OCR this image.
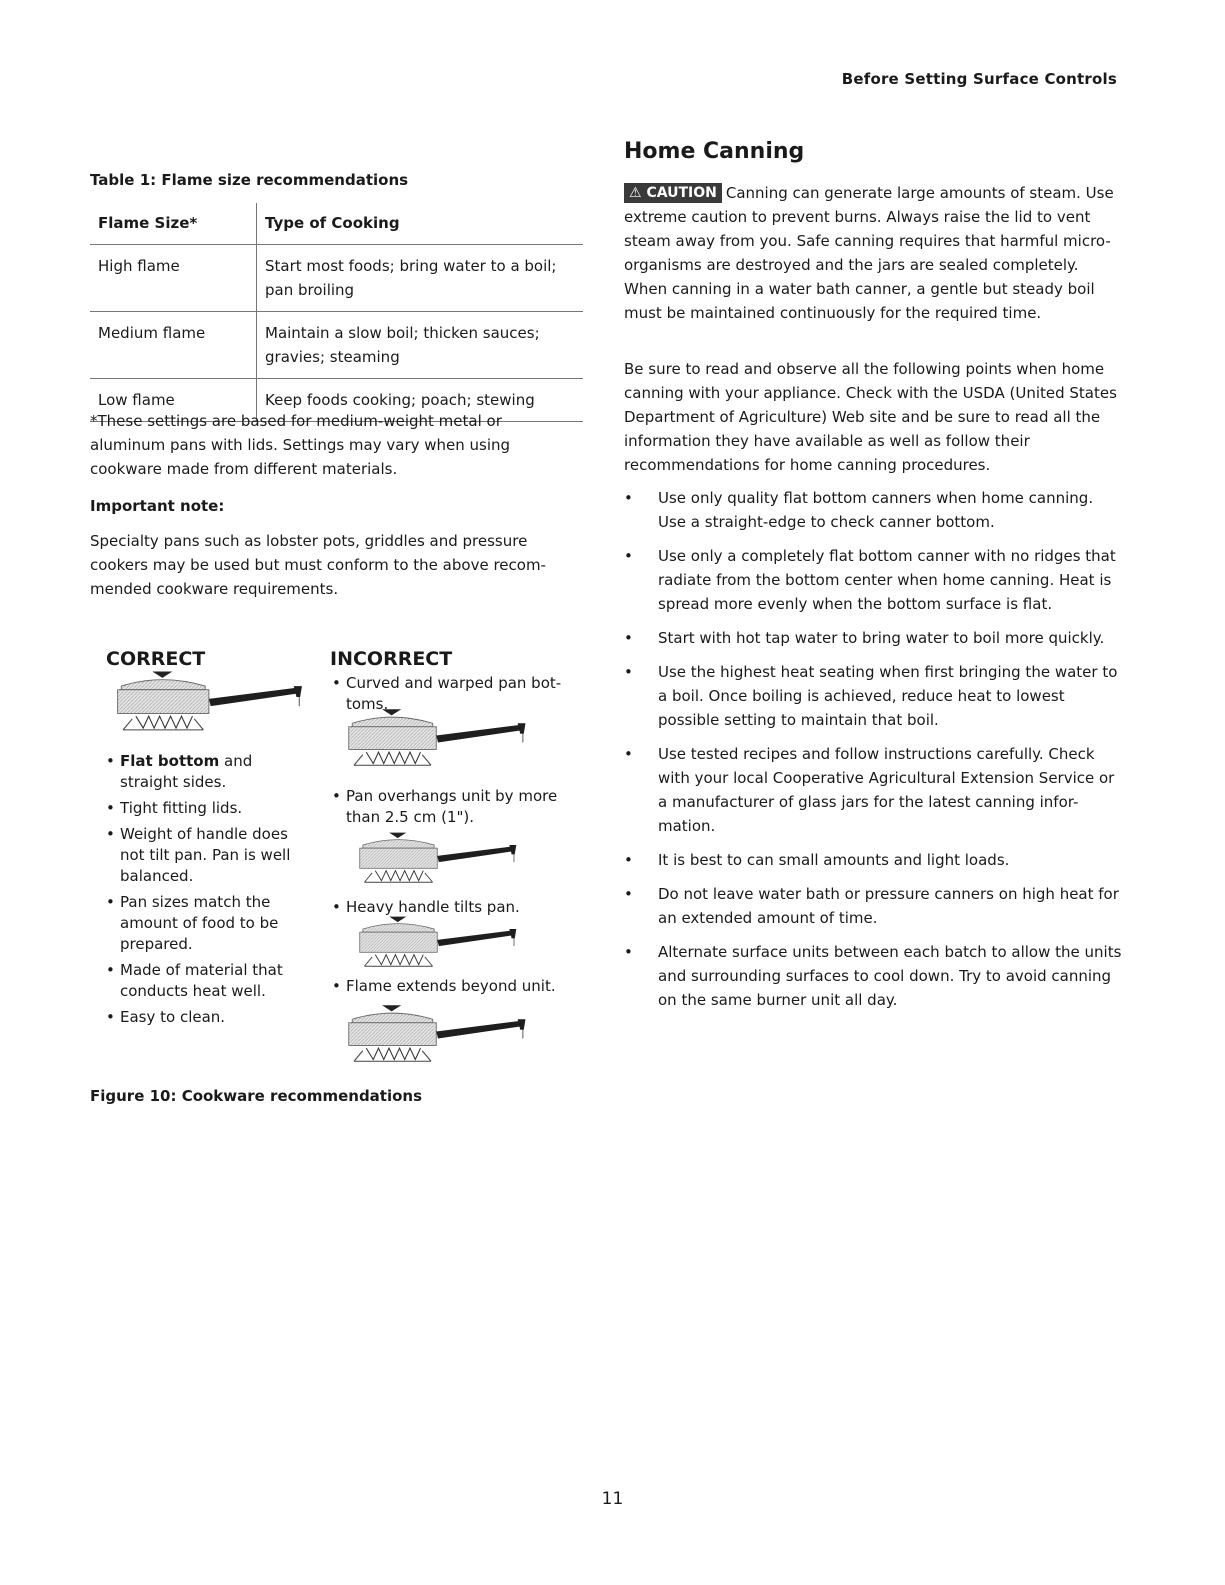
Before Setting Surface Controls
Table 1: Flame size recommendations
Flame Size*	Type of Cooking
High flame	Start most foods; bring water to a boil; pan broiling
Medium flame	Maintain a slow boil; thicken sauces; gravies; steaming
Low flame	Keep foods cooking; poach; stewing
*These settings are based for medium-weight metal or aluminum pans with lids. Settings may vary when using cookware made from different materials.
Important note:
Specialty pans such as lobster pots, griddles and pressure cookers may be used but must conform to the above recom-mended cookware requirements.
CORRECT
• Flat bottom and straight sides.
• Tight fitting lids.
• Weight of handle does not tilt pan. Pan is well balanced.
• Pan sizes match the amount of food to be prepared.
• Made of material that conducts heat well.
• Easy to clean.
INCORRECT
• Curved and warped pan bot-toms.
• Pan overhangs unit by more than 2.5 cm (1").
• Heavy handle tilts pan.
• Flame extends beyond unit.
Figure 10: Cookware recommendations
Home Canning
⚠ CAUTION Canning can generate large amounts of steam. Use extreme caution to prevent burns. Always raise the lid to vent steam away from you. Safe canning requires that harmful micro-organisms are destroyed and the jars are sealed completely. When canning in a water bath canner, a gentle but steady boil must be maintained continuously for the required time.
Be sure to read and observe all the following points when home canning with your appliance. Check with the USDA (United States Department of Agriculture) Web site and be sure to read all the information they have available as well as follow their recommendations for home canning procedures.
• Use only quality flat bottom canners when home canning. Use a straight-edge to check canner bottom.
• Use only a completely flat bottom canner with no ridges that radiate from the bottom center when home canning. Heat is spread more evenly when the bottom surface is flat.
• Start with hot tap water to bring water to boil more quickly.
• Use the highest heat seating when first bringing the water to a boil. Once boiling is achieved, reduce heat to lowest possible setting to maintain that boil.
• Use tested recipes and follow instructions carefully. Check with your local Cooperative Agricultural Extension Service or a manufacturer of glass jars for the latest canning infor-mation.
• It is best to can small amounts and light loads.
• Do not leave water bath or pressure canners on high heat for an extended amount of time.
• Alternate surface units between each batch to allow the units and surrounding surfaces to cool down. Try to avoid canning on the same burner unit all day.
11
